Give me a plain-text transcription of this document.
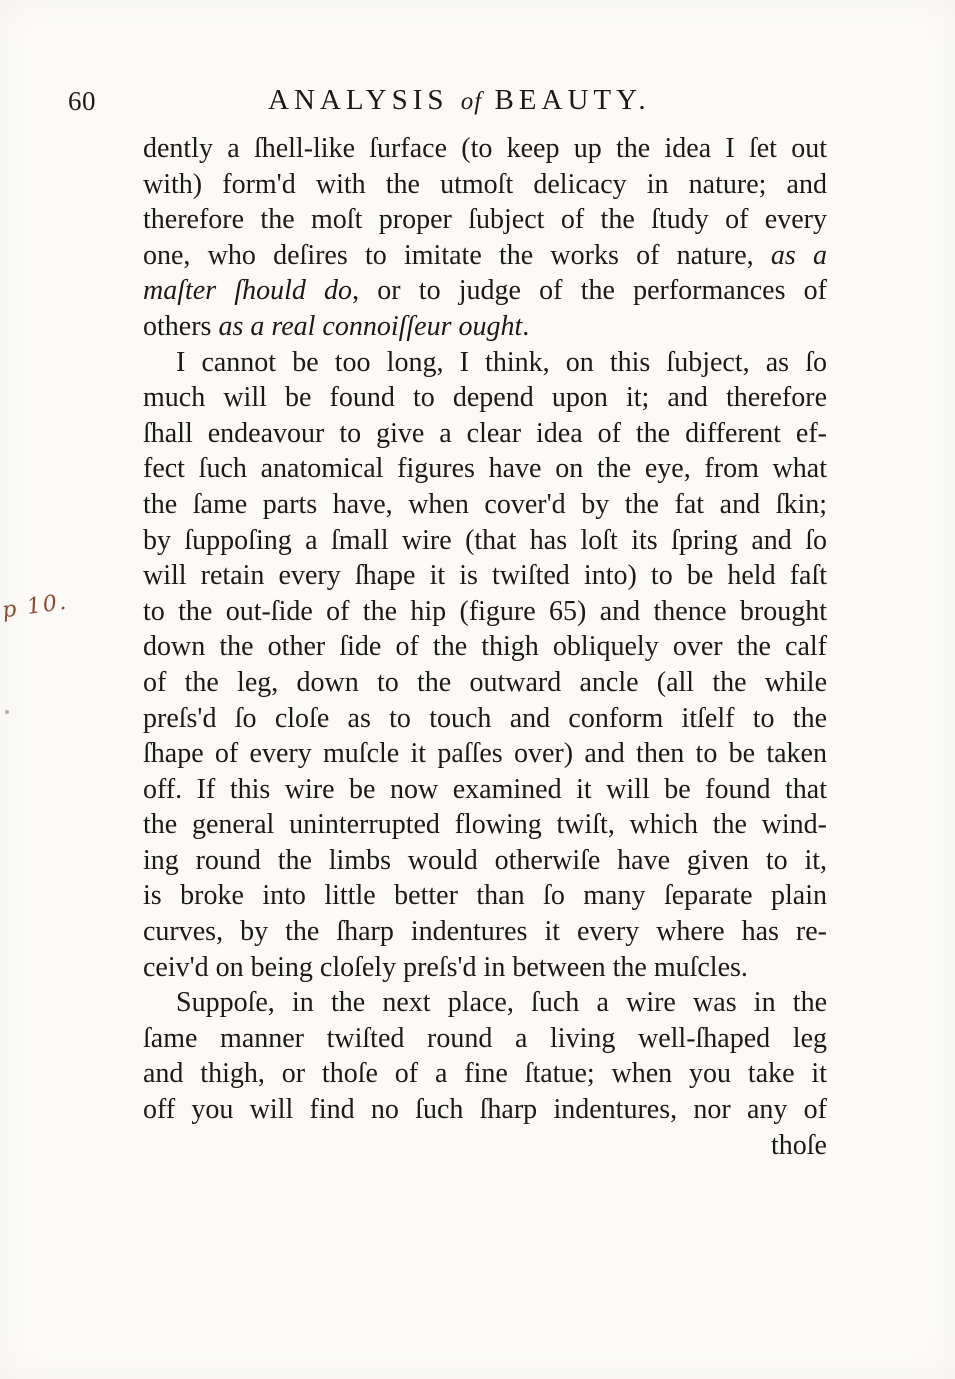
60	ANALYSIS of BEAUTY.
p 10.
dently a ſhell-like ſurface (to keep up the idea I ſet out
with) form'd with the utmoſt delicacy in nature; and
therefore the moſt proper ſubject of the ſtudy of every
one, who deſires to imitate the works of nature, as a
maſter ſhould do, or to judge of the performances of
others as a real connoiſſeur ought.
I cannot be too long, I think, on this ſubject, as ſo
much will be found to depend upon it; and therefore
ſhall endeavour to give a clear idea of the different ef-
fect ſuch anatomical figures have on the eye, from what
the ſame parts have, when cover'd by the fat and ſkin;
by ſuppoſing a ſmall wire (that has loſt its ſpring and ſo
will retain every ſhape it is twiſted into) to be held faſt
to the out-ſide of the hip (figure 65) and thence brought
down the other ſide of the thigh obliquely over the calf
of the leg, down to the outward ancle (all the while
preſs'd ſo cloſe as to touch and conform itſelf to the
ſhape of every muſcle it paſſes over) and then to be taken
off. If this wire be now examined it will be found that
the general uninterrupted flowing twiſt, which the wind-
ing round the limbs would otherwiſe have given to it,
is broke into little better than ſo many ſeparate plain
curves, by the ſharp indentures it every where has re-
ceiv'd on being cloſely preſs'd in between the muſcles.
Suppoſe, in the next place, ſuch a wire was in the
ſame manner twiſted round a living well-ſhaped leg
and thigh, or thoſe of a fine ſtatue; when you take it
off you will find no ſuch ſharp indentures, nor any of
thoſe
